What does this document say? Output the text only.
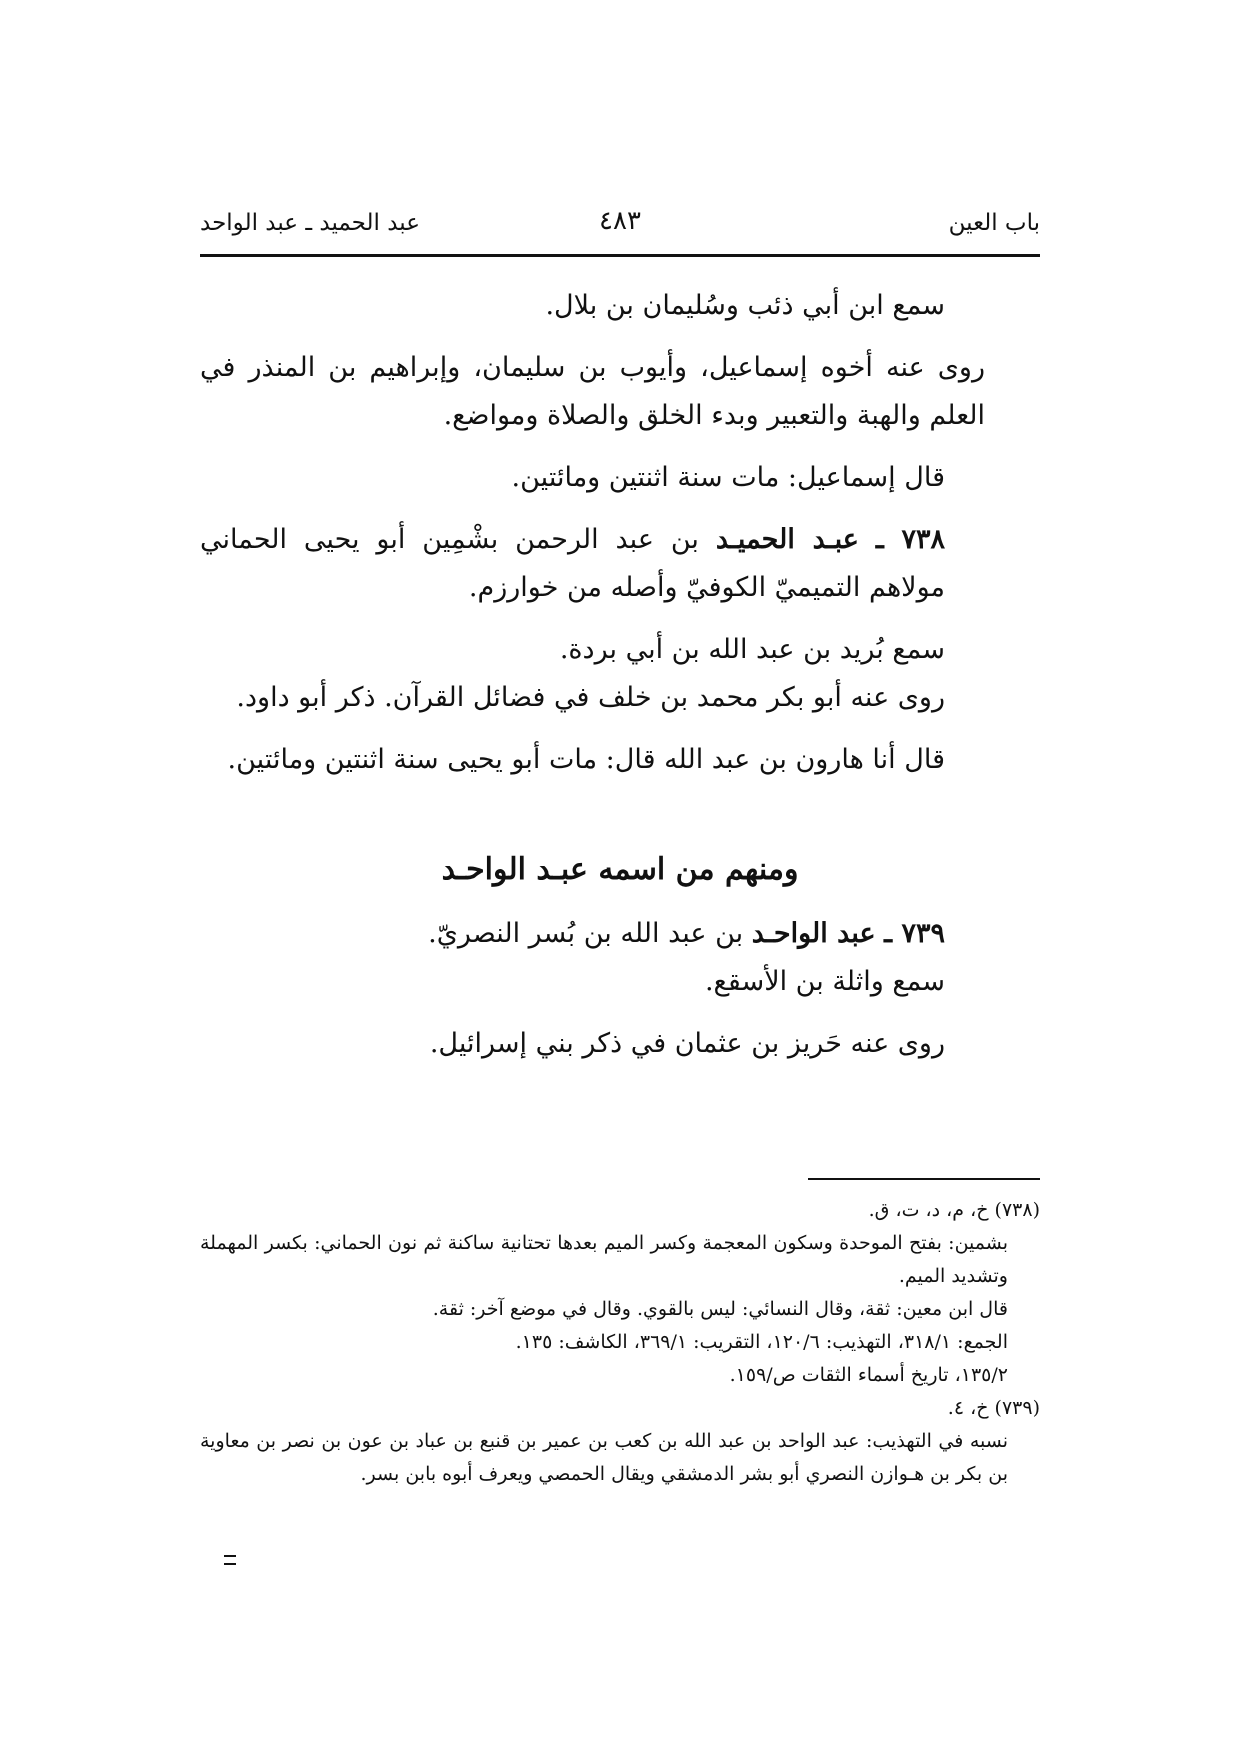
باب العين
٤٨٣
عبد الحميد ـ عبد الواحد

سمع ابن أبي ذئب وسُليمان بن بلال.

روى عنه أخوه إسماعيل، وأيوب بن سليمان، وإبراهيم بن المنذر في العلم والهبة والتعبير وبدء الخلق والصلاة ومواضع.

قال إسماعيل: مات سنة اثنتين ومائتين.

٧٣٨ ـ عبـد الحميـد بن عبد الرحمن بشْمِين أبو يحيى الحماني مولاهم التميميّ الكوفيّ وأصله من خوارزم.

سمع بُريد بن عبد الله بن أبي بردة.

روى عنه أبو بكر محمد بن خلف في فضائل القرآن. ذكر أبو داود.

قال أنا هارون بن عبد الله قال: مات أبو يحيى سنة اثنتين ومائتين.

ومنهم من اسمه عبـد الواحـد

٧٣٩ ـ عبد الواحـد بن عبد الله بن بُسر النصريّ.

سمع واثلة بن الأسقع.

روى عنه حَريز بن عثمان في ذكر بني إسرائيل.

(٧٣٨) خ، م، د، ت، ق.

بشمين: بفتح الموحدة وسكون المعجمة وكسر الميم بعدها تحتانية ساكنة ثم نون الحماني: بكسر المهملة وتشديد الميم.

قال ابن معين: ثقة، وقال النسائي: ليس بالقوي. وقال في موضع آخر: ثقة.

الجمع: ٣١٨/١، التهذيب: ١٢٠/٦، التقريب: ٣٦٩/١، الكاشف: ١٣٥.

١٣٥/٢، تاريخ أسماء الثقات ص/١٥٩.

(٧٣٩) خ، ٤.

نسبه في التهذيب: عبد الواحد بن عبد الله بن كعب بن عمير بن قنبع بن عباد بن عون بن نصر بن معاوية بن بكر بن هـوازن النصري أبو بشر الدمشقي ويقال الحمصي ويعرف أبوه بابن بسر.
